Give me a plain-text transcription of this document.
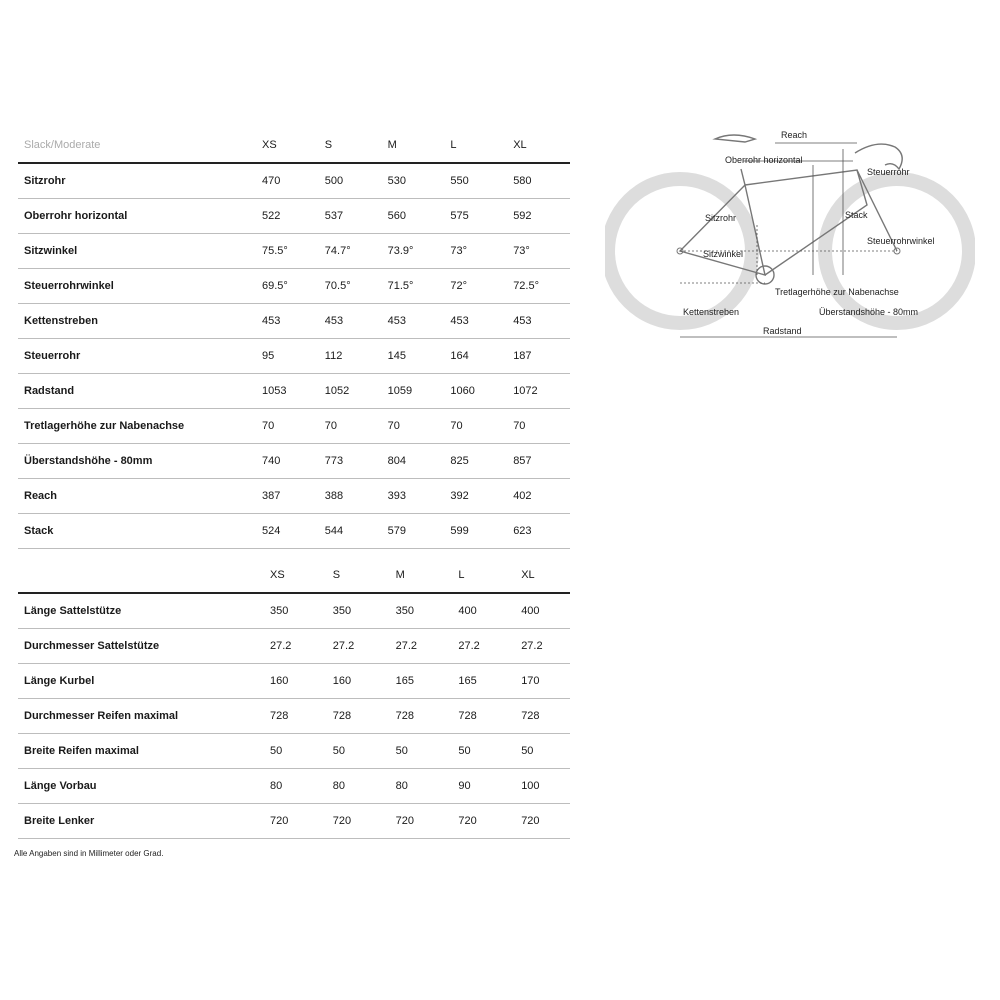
Slack/Moderate	XS	S	M	L	XL
Sitzrohr	470	500	530	550	580
Oberrohr horizontal	522	537	560	575	592
Sitzwinkel	75.5°	74.7°	73.9°	73°	73°
Steuerrohrwinkel	69.5°	70.5°	71.5°	72°	72.5°
Kettenstreben	453	453	453	453	453
Steuerrohr	95	112	145	164	187
Radstand	1053	1052	1059	1060	1072
Tretlagerhöhe zur Nabenachse	70	70	70	70	70
Überstandshöhe - 80mm	740	773	804	825	857
Reach	387	388	393	392	402
Stack	524	544	579	599	623
	XS	S	M	L	XL
Länge Sattelstütze	350	350	350	400	400
Durchmesser Sattelstütze	27.2	27.2	27.2	27.2	27.2
Länge Kurbel	160	160	165	165	170
Durchmesser Reifen maximal	728	728	728	728	728
Breite Reifen maximal	50	50	50	50	50
Länge Vorbau	80	80	80	90	100
Breite Lenker	720	720	720	720	720
Alle Angaben sind in Millimeter oder Grad.
Reach
Oberrohr horizontal
Steuerrohr
Sitzrohr	Stack
Steuerrohrwinkel
Sitzwinkel
Tretlagerhöhe zur Nabenachse
Kettenstreben	Überstandshöhe - 80mm
Radstand
